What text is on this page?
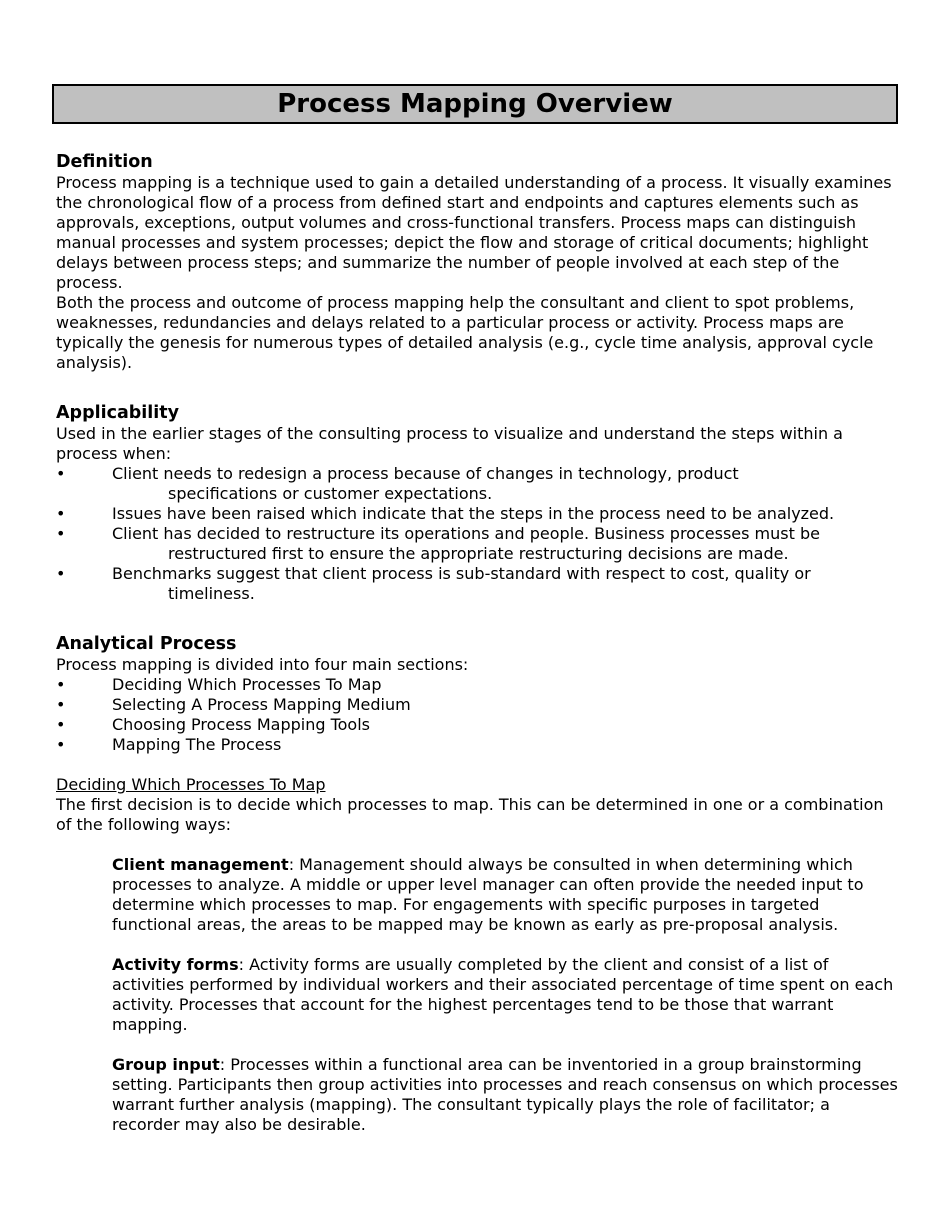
Process Mapping Overview
Definition

Process mapping is a technique used to gain a detailed understanding of a process. It visually examines the chronological flow of a process from defined start and endpoints and captures elements such as approvals, exceptions, output volumes and cross-functional transfers. Process maps can distinguish manual processes and system processes; depict the flow and storage of critical documents; highlight delays between process steps; and summarize the number of people involved at each step of the process.

Both the process and outcome of process mapping help the consultant and client to spot problems, weaknesses, redundancies and delays related to a particular process or activity. Process maps are typically the genesis for numerous types of detailed analysis (e.g., cycle time analysis, approval cycle analysis).

Applicability

Used in the earlier stages of the consulting process to visualize and understand the steps within a process when:

•	Client needs to redesign a process because of changes in technology, product
specifications or customer expectations.
•	Issues have been raised which indicate that the steps in the process need to be analyzed.
•	Client has decided to restructure its operations and people. Business processes must be
restructured first to ensure the appropriate restructuring decisions are made.
•	Benchmarks suggest that client process is sub-standard with respect to cost, quality or
timeliness.
Analytical Process

Process mapping is divided into four main sections:

•	Deciding Which Processes To Map
•	Selecting A Process Mapping Medium
•	Choosing Process Mapping Tools
•	Mapping The Process
Deciding Which Processes To Map

The first decision is to decide which processes to map. This can be determined in one or a combination of the following ways:

Client management: Management should always be consulted in when determining which processes to analyze. A middle or upper level manager can often provide the needed input to determine which processes to map. For engagements with specific purposes in targeted functional areas, the areas to be mapped may be known as early as pre-proposal analysis.

Activity forms: Activity forms are usually completed by the client and consist of a list of activities performed by individual workers and their associated percentage of time spent on each activity. Processes that account for the highest percentages tend to be those that warrant mapping.

Group input: Processes within a functional area can be inventoried in a group brainstorming setting. Participants then group activities into processes and reach consensus on which processes warrant further analysis (mapping). The consultant typically plays the role of facilitator; a recorder may also be desirable.
